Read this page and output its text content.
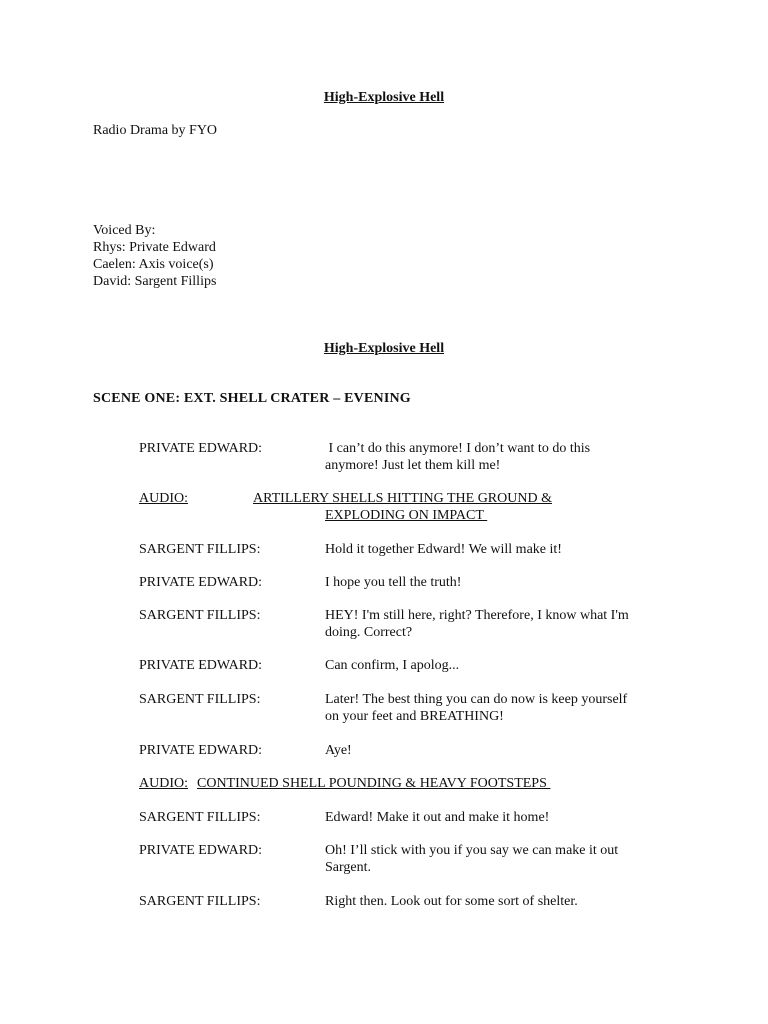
High-Explosive Hell
Radio Drama by FYO
Voiced By:
Rhys: Private Edward
Caelen: Axis voice(s)
David: Sargent Fillips
High-Explosive Hell
SCENE ONE: EXT. SHELL CRATER – EVENING
PRIVATE EDWARD:	I can’t do this anymore! I don’t want to do this
anymore! Just let them kill me!
AUDIO:	ARTILLERY SHELLS HITTING THE GROUND &
EXPLODING ON IMPACT
SARGENT FILLIPS:	Hold it together Edward! We will make it!
PRIVATE EDWARD:	I hope you tell the truth!
SARGENT FILLIPS:	HEY! I'm still here, right? Therefore, I know what I'm
doing. Correct?
PRIVATE EDWARD:	Can confirm, I apolog...
SARGENT FILLIPS:	Later! The best thing you can do now is keep yourself
on your feet and BREATHING!
PRIVATE EDWARD:	Aye!
AUDIO: CONTINUED SHELL POUNDING & HEAVY FOOTSTEPS
SARGENT FILLIPS:	Edward! Make it out and make it home!
PRIVATE EDWARD:	Oh! I’ll stick with you if you say we can make it out
Sargent.
SARGENT FILLIPS:	Right then. Look out for some sort of shelter.
